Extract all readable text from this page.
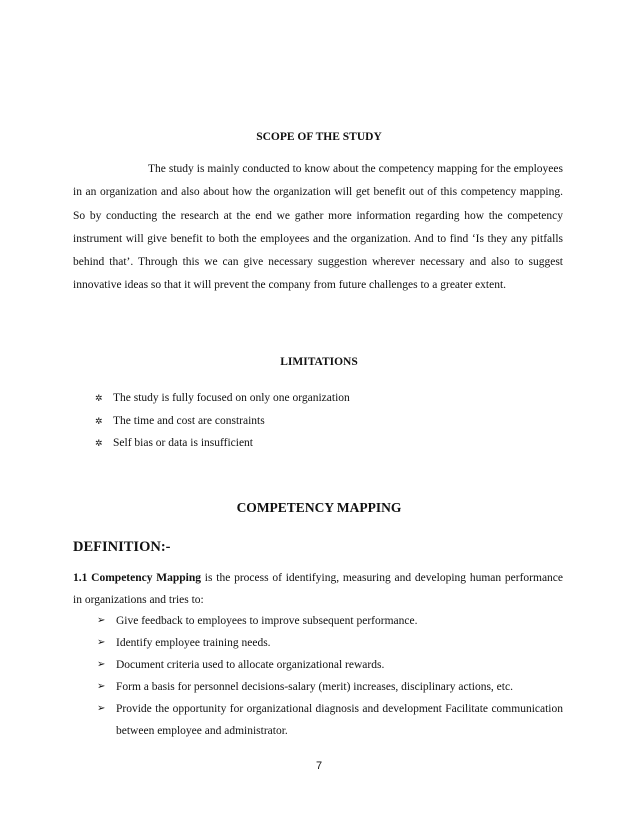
SCOPE OF THE STUDY

The study is mainly conducted to know about the competency mapping for the employees in an organization and also about how the organization will get benefit out of this competency mapping. So by conducting the research at the end we gather more information regarding how the competency instrument will give benefit to both the employees and the organization. And to find ‘Is they any pitfalls behind that’. Through this we can give necessary suggestion wherever necessary and also to suggest innovative ideas so that it will prevent the company from future challenges to a greater extent.

LIMITATIONS

✲ The study is fully focused on only one organization
✲ The time and cost are constraints
✲ Self bias or data is insufficient

COMPETENCY MAPPING

DEFINITION:-

1.1 Competency Mapping is the process of identifying, measuring and developing human performance in organizations and tries to:

➢ Give feedback to employees to improve subsequent performance.
➢ Identify employee training needs.
➢ Document criteria used to allocate organizational rewards.
➢ Form a basis for personnel decisions-salary (merit) increases, disciplinary actions, etc.
➢ Provide the opportunity for organizational diagnosis and development Facilitate communication between employee and administrator.

7
